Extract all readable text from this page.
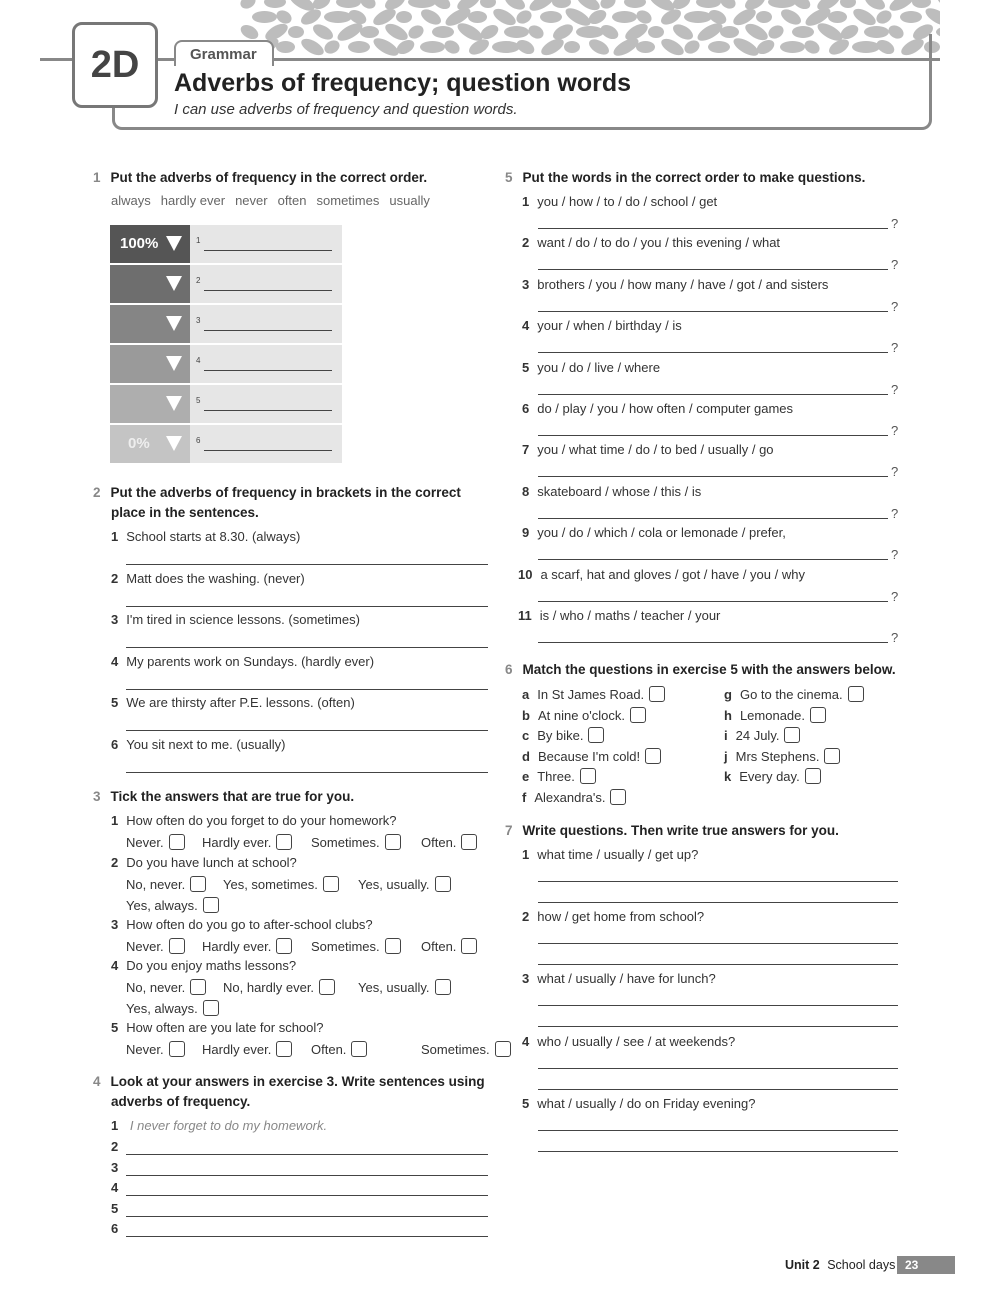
2D	Grammar
Adverbs of frequency; question words
I can use adverbs of frequency and question words.
1 Put the adverbs of frequency in the correct order.
always hardly ever never often sometimes usually
100%	1
2
3
4
5
0%	6
2 Put the adverbs of frequency in brackets in the correct
place in the sentences.
1 School starts at 8.30. (always)
2 Matt does the washing. (never)
3 I'm tired in science lessons. (sometimes)
4 My parents work on Sundays. (hardly ever)
5 We are thirsty after P.E. lessons. (often)
6 You sit next to me. (usually)
3 Tick the answers that are true for you.
1 How often do you forget to do your homework?
Never.	Hardly ever.	Sometimes.	Often.
2 Do you have lunch at school?
No, never.	Yes, sometimes.	Yes, usually.
Yes, always.
3 How often do you go to after-school clubs?
Never.	Hardly ever.	Sometimes.	Often.
4 Do you enjoy maths lessons?
No, never.	No, hardly ever.	Yes, usually.
Yes, always.
5 How often are you late for school?
Never.	Hardly ever.	Often.	Sometimes.
4 Look at your answers in exercise 3. Write sentences using
adverbs of frequency.
1 I never forget to do my homework.
2
3
4
5
6
5 Put the words in the correct order to make questions.
1 you / how / to / do / school / get
?
2 want / do / to do / you / this evening / what
?
3 brothers / you / how many / have / got / and sisters
?
4 your / when / birthday / is
?
5 you / do / live / where
?
6 do / play / you / how often / computer games
?
7 you / what time / do / to bed / usually / go
?
8 skateboard / whose / this / is
?
9 you / do / which / cola or lemonade / prefer,
?
10 a scarf, hat and gloves / got / have / you / why
?
11 is / who / maths / teacher / your
?
6 Match the questions in exercise 5 with the answers below.
a In St James Road.
b At nine o'clock.
c By bike.
d Because I'm cold!
e Three.
f Alexandra's.
g Go to the cinema.
h Lemonade.
i 24 July.
j Mrs Stephens.
k Every day.
7 Write questions. Then write true answers for you.
1 what time / usually / get up?
2 how / get home from school?
3 what / usually / have for lunch?
4 who / usually / see / at weekends?
5 what / usually / do on Friday evening?
Unit 2 School days 23
